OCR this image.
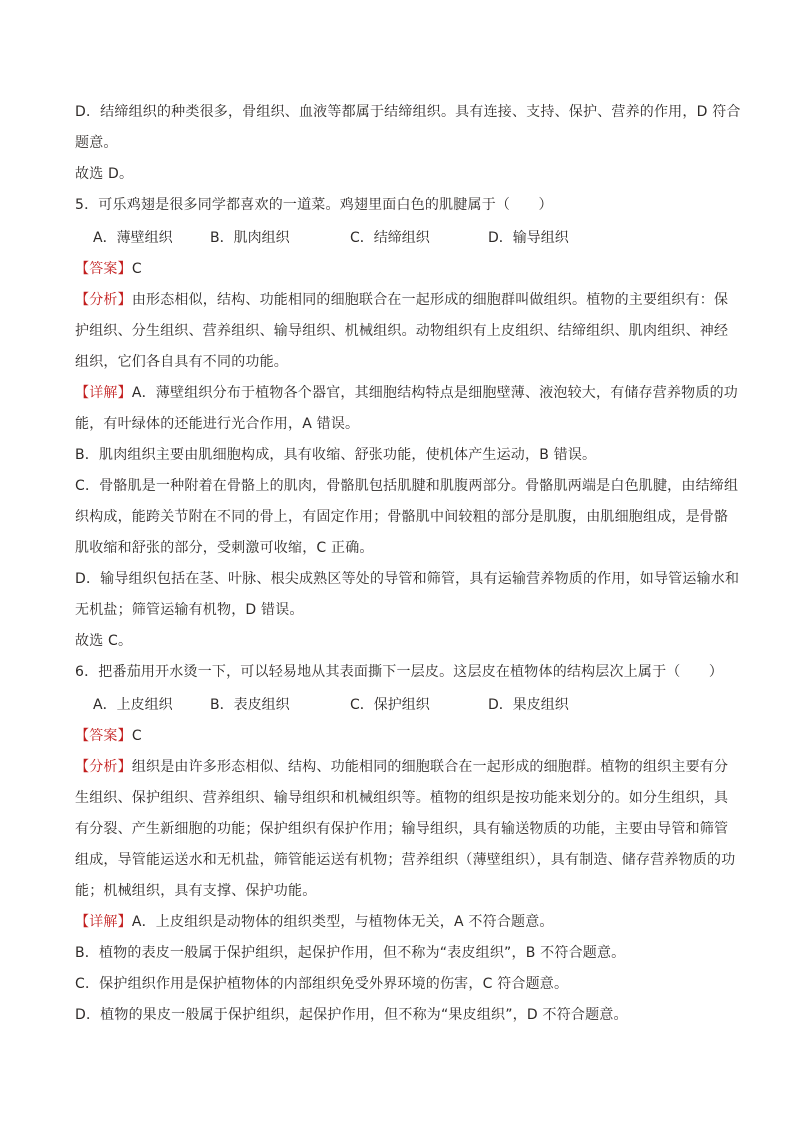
D．结缔组织的种类很多，骨组织、血液等都属于结缔组织。具有连接、支持、保护、营养的作用，D 符合
题意。
故选 D。
5．可乐鸡翅是很多同学都喜欢的一道菜。鸡翅里面白色的肌腱属于（　　）
A．薄壁组织	B．肌肉组织	C．结缔组织	D．输导组织
【答案】C
【分析】由形态相似，结构、功能相同的细胞联合在一起形成的细胞群叫做组织。植物的主要组织有：保
护组织、分生组织、营养组织、输导组织、机械组织。动物组织有上皮组织、结缔组织、肌肉组织、神经
组织，它们各自具有不同的功能。
【详解】A．薄壁组织分布于植物各个器官，其细胞结构特点是细胞壁薄、液泡较大，有储存营养物质的功
能，有叶绿体的还能进行光合作用，A 错误。
B．肌肉组织主要由肌细胞构成，具有收缩、舒张功能，使机体产生运动，B 错误。
C．骨骼肌是一种附着在骨骼上的肌肉，骨骼肌包括肌腱和肌腹两部分。骨骼肌两端是白色肌腱，由结缔组
织构成，能跨关节附在不同的骨上，有固定作用；骨骼肌中间较粗的部分是肌腹，由肌细胞组成，是骨骼
肌收缩和舒张的部分，受刺激可收缩，C 正确。
D．输导组织包括在茎、叶脉、根尖成熟区等处的导管和筛管，具有运输营养物质的作用，如导管运输水和
无机盐；筛管运输有机物，D 错误。
故选 C。
6．把番茄用开水烫一下，可以轻易地从其表面撕下一层皮。这层皮在植物体的结构层次上属于（　　）
A．上皮组织	B．表皮组织	C．保护组织	D．果皮组织
【答案】C
【分析】组织是由许多形态相似、结构、功能相同的细胞联合在一起形成的细胞群。植物的组织主要有分
生组织、保护组织、营养组织、输导组织和机械组织等。植物的组织是按功能来划分的。如分生组织，具
有分裂、产生新细胞的功能；保护组织有保护作用；输导组织，具有输送物质的功能，主要由导管和筛管
组成，导管能运送水和无机盐，筛管能运送有机物；营养组织（薄壁组织），具有制造、储存营养物质的功
能；机械组织，具有支撑、保护功能。
【详解】A．上皮组织是动物体的组织类型，与植物体无关，A 不符合题意。
B．植物的表皮一般属于保护组织，起保护作用，但不称为“表皮组织”，B 不符合题意。
C．保护组织作用是保护植物体的内部组织免受外界环境的伤害，C 符合题意。
D．植物的果皮一般属于保护组织，起保护作用，但不称为“果皮组织”，D 不符合题意。
